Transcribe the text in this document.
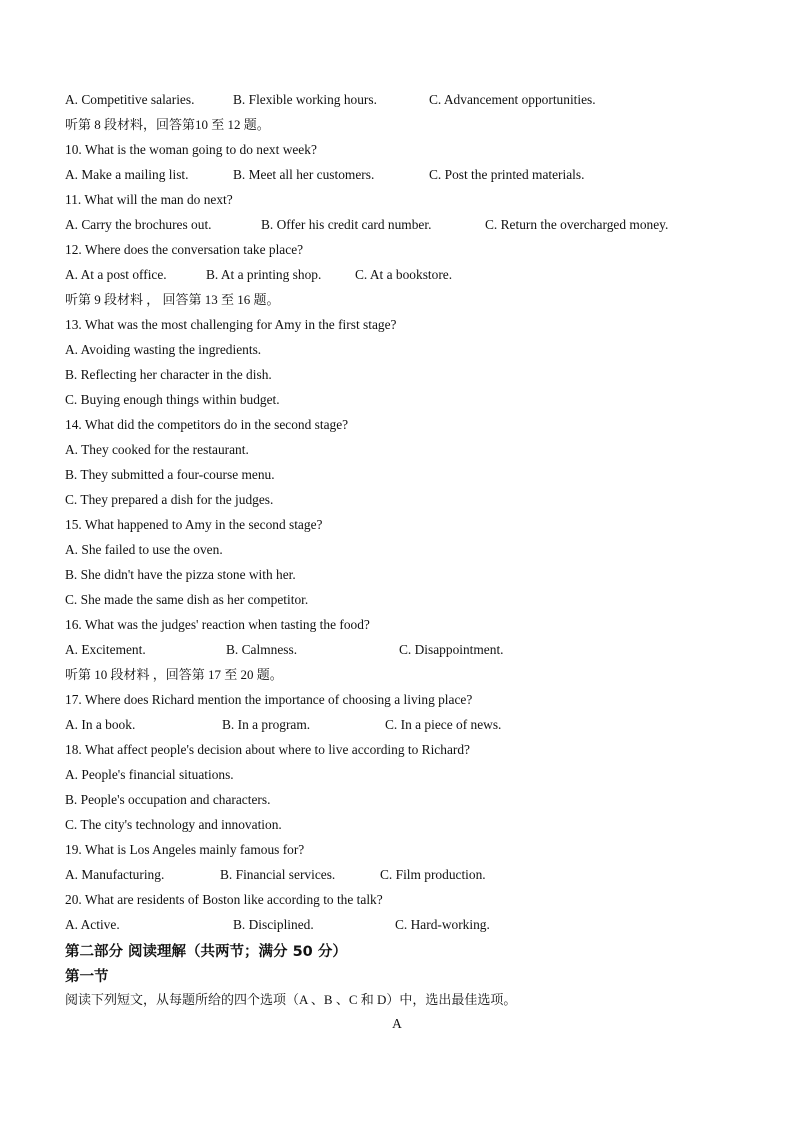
A. Competitive salaries.	B. Flexible working hours.	C. Advancement opportunities.
听第 8 段材料，回答第10 至 12 题。
10. What is the woman going to do next week?
A. Make a mailing list.	B. Meet all her customers.	C. Post the printed materials.
11. What will the man do next?
A. Carry the brochures out.	B. Offer his credit card number.	C. Return the overcharged money.
12. Where does the conversation take place?
A. At a post office.	B. At a printing shop.	C. At a bookstore.
听第 9 段材料 ， 回答第 13 至 16 题。
13. What was the most challenging for Amy in the first stage?
A. Avoiding wasting the ingredients.
B. Reflecting her character in the dish.
C. Buying enough things within budget.
14. What did the competitors do in the second stage?
A. They cooked for the restaurant.
B. They submitted a four-course menu.
C. They prepared a dish for the judges.
15. What happened to Amy in the second stage?
A. She failed to use the oven.
B. She didn't have the pizza stone with her.
C. She made the same dish as her competitor.
16. What was the judges' reaction when tasting the food?
A. Excitement.	B. Calmness.	C. Disappointment.
听第 10 段材料 ，回答第 17 至 20 题。
17. Where does Richard mention the importance of choosing a living place?
A. In a book.	B. In a program.	C. In a piece of news.
18. What affect people's decision about where to live according to Richard?
A. People's financial situations.
B. People's occupation and characters.
C. The city's technology and innovation.
19. What is Los Angeles mainly famous for?
A. Manufacturing.	B. Financial services.	C. Film production.
20. What are residents of Boston like according to the talk?
A. Active.	B. Disciplined.	C. Hard-working.
第二部分 阅读理解（共两节；满分 50 分）
第一节
阅读下列短文，从每题所给的四个选项（A 、B 、C 和 D）中，选出最佳选项。
A
